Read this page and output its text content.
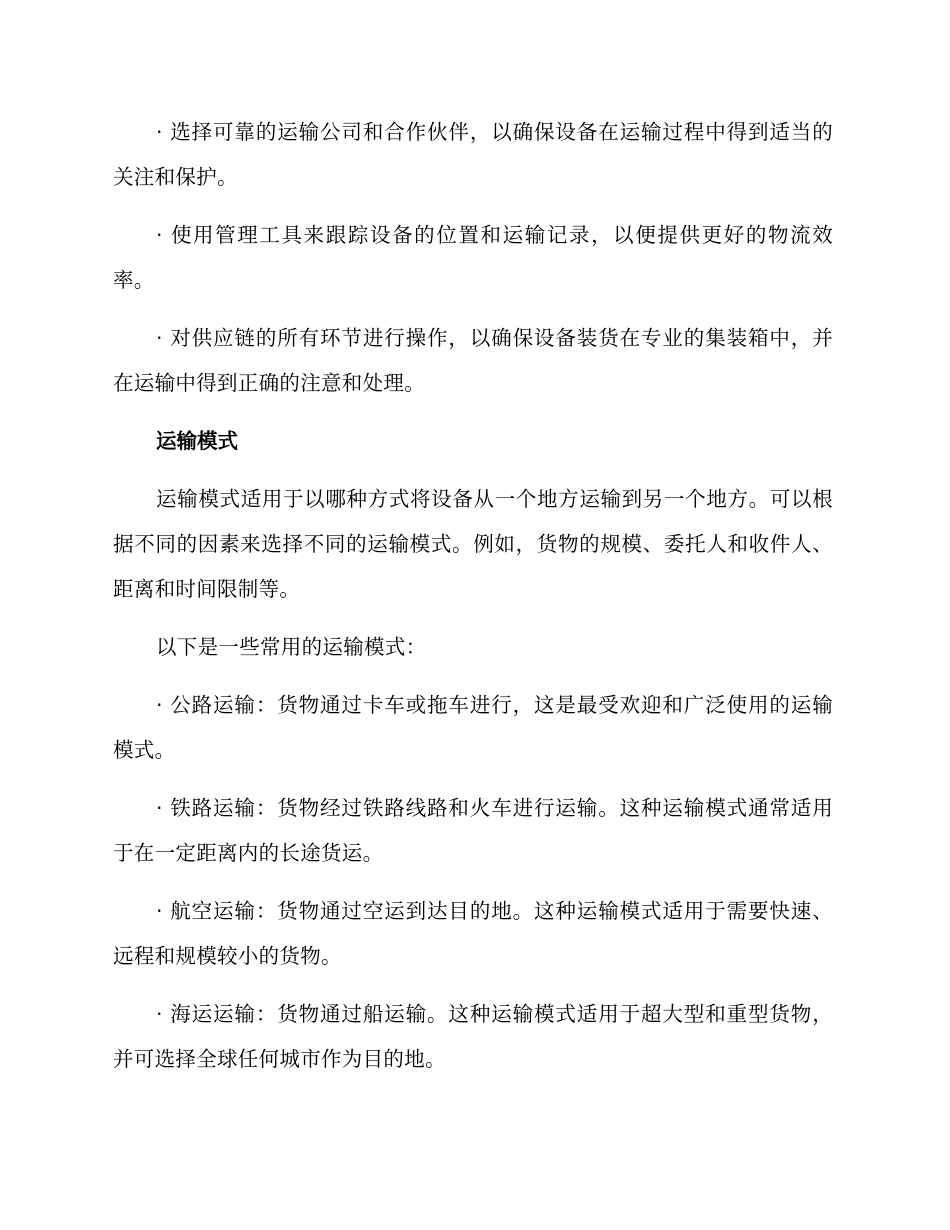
· 选择可靠的运输公司和合作伙伴，以确保设备在运输过程中得到适当的关注和保护。

· 使用管理工具来跟踪设备的位置和运输记录，以便提供更好的物流效率。

· 对供应链的所有环节进行操作，以确保设备装货在专业的集装箱中，并在运输中得到正确的注意和处理。

运输模式

运输模式适用于以哪种方式将设备从一个地方运输到另一个地方。可以根据不同的因素来选择不同的运输模式。例如，货物的规模、委托人和收件人、距离和时间限制等。

以下是一些常用的运输模式：

· 公路运输：货物通过卡车或拖车进行，这是最受欢迎和广泛使用的运输模式。

· 铁路运输：货物经过铁路线路和火车进行运输。这种运输模式通常适用于在一定距离内的长途货运。

· 航空运输：货物通过空运到达目的地。这种运输模式适用于需要快速、远程和规模较小的货物。

· 海运运输：货物通过船运输。这种运输模式适用于超大型和重型货物，并可选择全球任何城市作为目的地。
